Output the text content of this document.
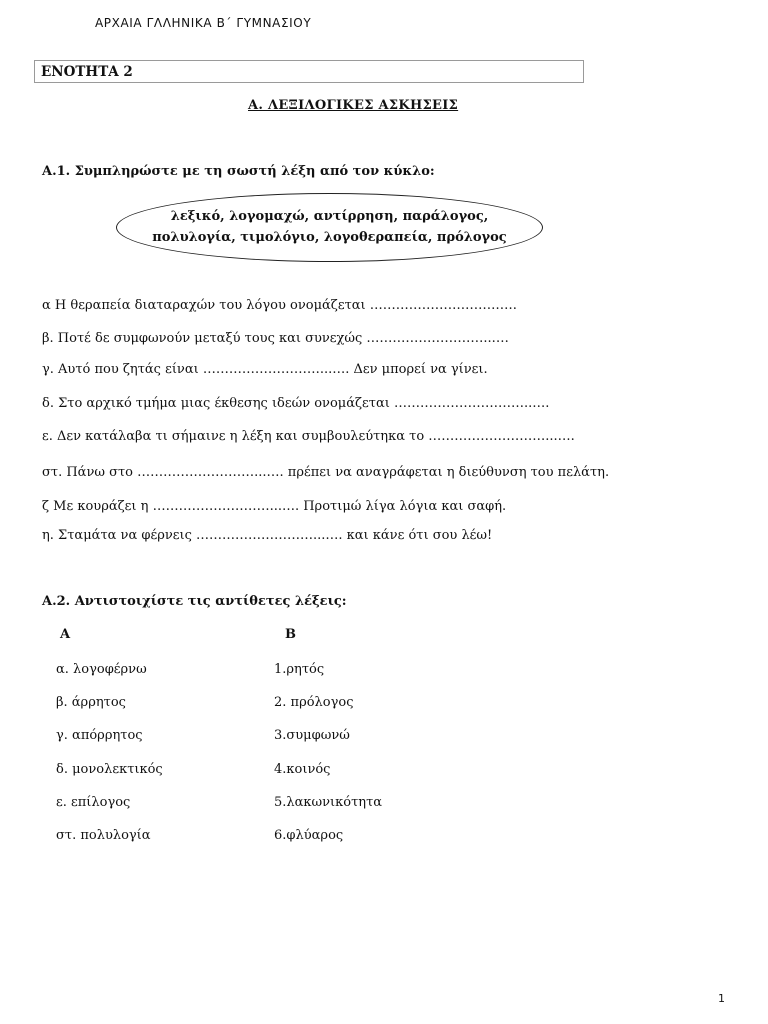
ΑΡΧΑΙΑ ΓΛΛΗΝΙΚΑ Β΄ ΓΥΜΝΑΣΙΟΥ
ΕΝΟΤΗΤΑ 2
Α. ΛΕΞΙΛΟΓΙΚΕΣ ΑΣΚΗΣΕΙΣ
Α.1. Συμπληρώστε με τη σωστή λέξη από τον κύκλο:
λεξικό, λογομαχώ, αντίρρηση, παράλογος,
πολυλογία, τιμολόγιο, λογοθεραπεία, πρόλογος
α Η θεραπεία διαταραχών του λόγου ονομάζεται …………………………….
β. Ποτέ δε συμφωνούν μεταξύ τους και συνεχώς ………………………...…
γ. Αυτό που ζητάς είναι ………………………...…. Δεν μπορεί να γίνει.
δ. Στο αρχικό τμήμα μιας έκθεσης ιδεών ονομάζεται …………………………..….
ε. Δεν κατάλαβα τι σήμαινε η λέξη και συμβουλεύτηκα το ………………………...….
στ. Πάνω στο ………………………...…. πρέπει να αναγράφεται η διεύθυνση του πελάτη.
ζ Με κουράζει η ………………………...…. Προτιμώ λίγα λόγια και σαφή.
η. Σταμάτα να φέρνεις ………………………...…. και κάνε ότι σου λέω!
Α.2. Αντιστοιχίστε τις αντίθετες λέξεις:
Α	Β
α. λογοφέρνω
β. άρρητος
γ. απόρρητος
δ. μονολεκτικός
ε. επίλογος
στ. πολυλογία
1.ρητός
2. πρόλογος
3.συμφωνώ
4.κοινός
5.λακωνικότητα
6.φλύαρος
1
